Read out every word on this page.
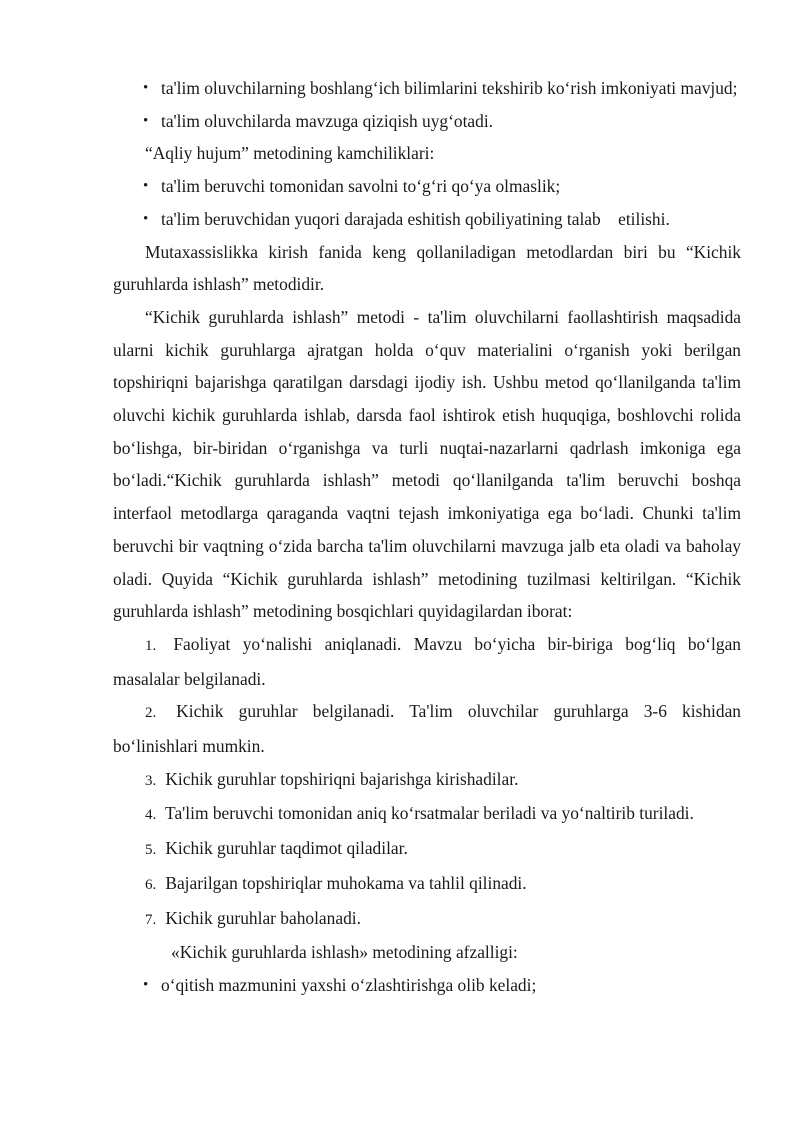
• ta'lim oluvchilarning boshlang‘ich bilimlarini tekshirib ko‘rish imkoniyati mavjud;

• ta'lim oluvchilarda mavzuga qiziqish uyg‘otadi.

“Aqliy hujum” metodining kamchiliklari:

• ta'lim beruvchi tomonidan savolni to‘g‘ri qo‘ya olmaslik;

• ta'lim beruvchidan yuqori darajada eshitish qobiliyatining talab    etilishi.

Mutaxassislikka kirish fanida keng qollaniladigan metodlardan biri bu “Kichik guruhlarda ishlash” metodidir.

“Kichik guruhlarda ishlash” metodi - ta'lim oluvchilarni faollashtirish maqsadida ularni kichik guruhlarga ajratgan holda o‘quv materialini o‘rganish yoki berilgan topshiriqni bajarishga qaratilgan darsdagi ijodiy ish. Ushbu metod qo‘llanilganda ta'lim oluvchi kichik guruhlarda ishlab, darsda faol ishtirok etish huquqiga, boshlovchi rolida bo‘lishga, bir-biridan o‘rganishga va turli nuqtai-nazarlarni qadrlash imkoniga ega bo‘ladi.“Kichik guruhlarda ishlash” metodi qo‘llanilganda ta'lim beruvchi boshqa interfaol metodlarga qaraganda vaqtni tejash imkoniyatiga ega bo‘ladi. Chunki ta'lim beruvchi bir vaqtning o‘zida barcha ta'lim oluvchilarni mavzuga jalb eta oladi va baholay oladi. Quyida “Kichik guruhlarda ishlash” metodining tuzilmasi keltirilgan. “Kichik guruhlarda ishlash” metodining bosqichlari quyidagilardan iborat:

1. Faoliyat yo‘nalishi aniqlanadi. Mavzu bo‘yicha bir-biriga bog‘liq bo‘lgan masalalar belgilanadi.

2. Kichik guruhlar belgilanadi. Ta'lim oluvchilar guruhlarga 3-6 kishidan bo‘linishlari mumkin.

3. Kichik guruhlar topshiriqni bajarishga kirishadilar.

4. Ta'lim beruvchi tomonidan aniq ko‘rsatmalar beriladi va yo‘naltirib turiladi.

5. Kichik guruhlar taqdimot qiladilar.

6. Bajarilgan topshiriqlar muhokama va tahlil qilinadi.

7. Kichik guruhlar baholanadi.

«Kichik guruhlarda ishlash» metodining afzalligi:

• o‘qitish mazmunini yaxshi o‘zlashtirishga olib keladi;
